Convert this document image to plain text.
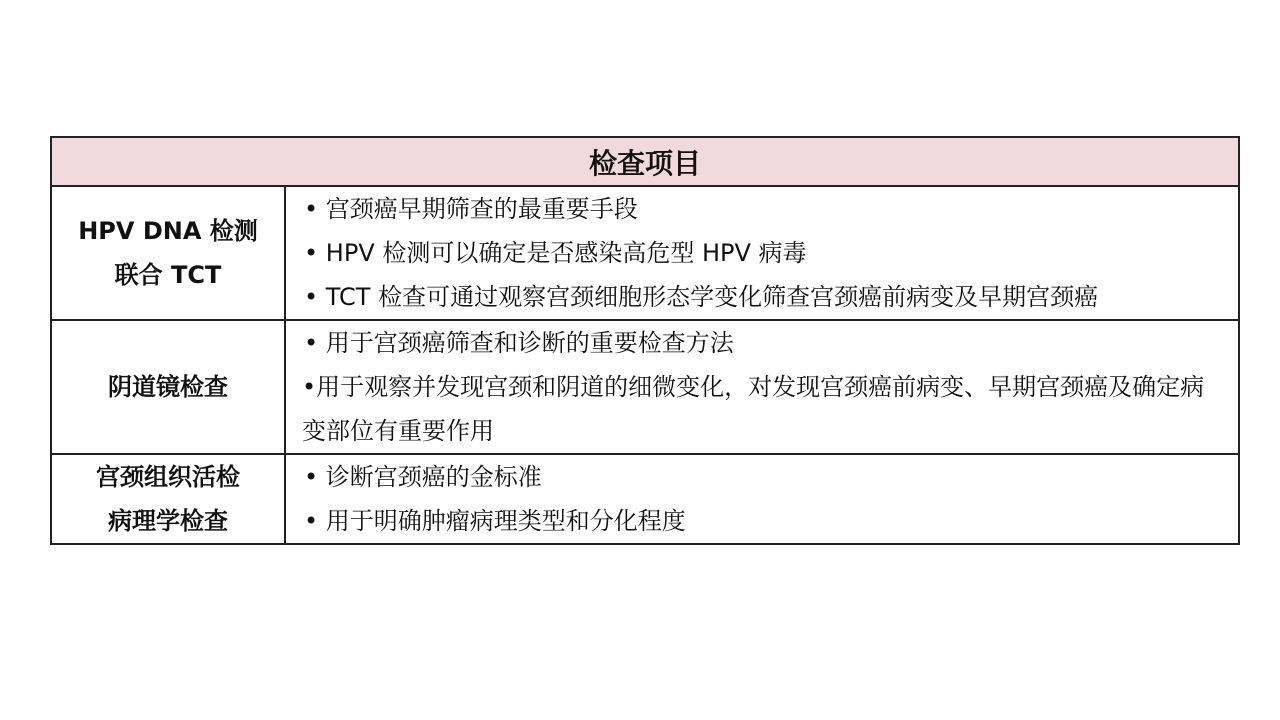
检查项目	

HPV DNA 检测
联合 TCT	• 宫颈癌早期筛查的最重要手段
• HPV 检测可以确定是否感染高危型 HPV 病毒
• TCT 检查可通过观察宫颈细胞形态学变化筛查宫颈癌前病变及早期宫颈癌

阴道镜检查	• 用于宫颈癌筛查和诊断的重要检查方法
•用于观察并发现宫颈和阴道的细微变化，对发现宫颈癌前病变、早期宫颈癌及确定病变部位有重要作用

宫颈组织活检
病理学检查	• 诊断宫颈癌的金标准
• 用于明确肿瘤病理类型和分化程度
